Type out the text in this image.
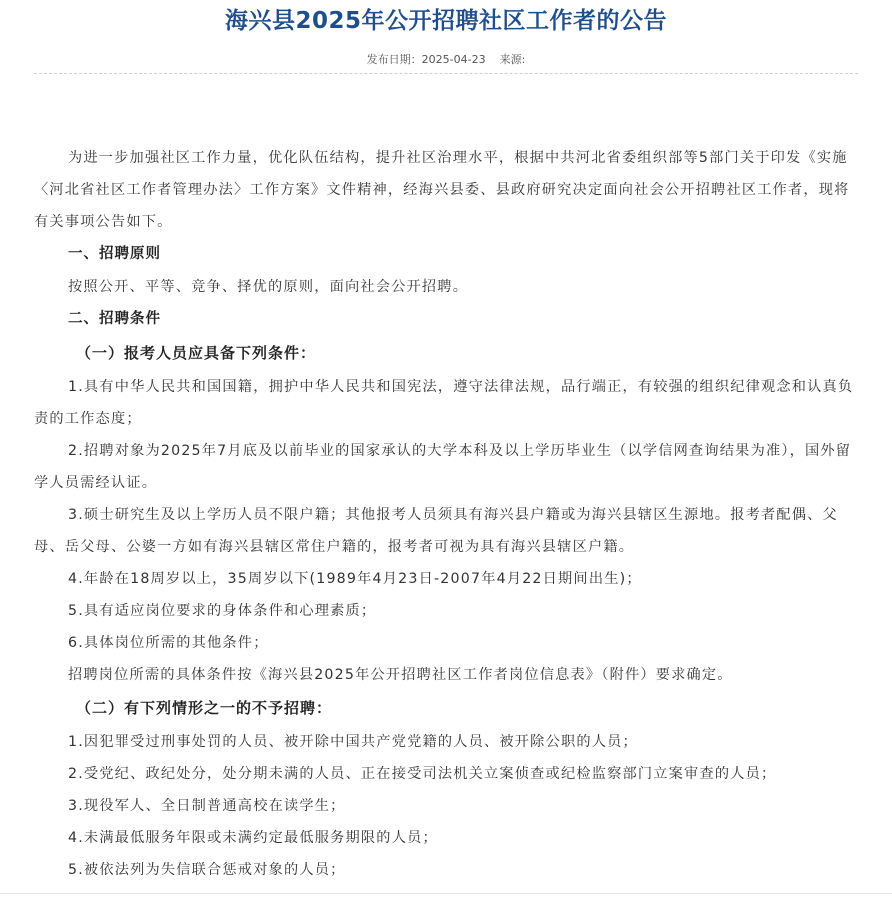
海兴县2025年公开招聘社区工作者的公告
发布日期：2025-04-23 来源:

为进一步加强社区工作力量，优化队伍结构，提升社区治理水平，根据中共河北省委组织部等5部门关于印发《实施〈河北省社区工作者管理办法〉工作方案》文件精神，经海兴县委、县政府研究决定面向社会公开招聘社区工作者，现将有关事项公告如下。

一、招聘原则

按照公开、平等、竞争、择优的原则，面向社会公开招聘。

二、招聘条件

（一）报考人员应具备下列条件：

1.具有中华人民共和国国籍，拥护中华人民共和国宪法，遵守法律法规，品行端正，有较强的组织纪律观念和认真负责的工作态度；

2.招聘对象为2025年7月底及以前毕业的国家承认的大学本科及以上学历毕业生（以学信网查询结果为准），国外留学人员需经认证。

3.硕士研究生及以上学历人员不限户籍；其他报考人员须具有海兴县户籍或为海兴县辖区生源地。报考者配偶、父母、岳父母、公婆一方如有海兴县辖区常住户籍的，报考者可视为具有海兴县辖区户籍。

4.年龄在18周岁以上，35周岁以下(1989年4月23日-2007年4月22日期间出生)；

5.具有适应岗位要求的身体条件和心理素质；

6.具体岗位所需的其他条件；

招聘岗位所需的具体条件按《海兴县2025年公开招聘社区工作者岗位信息表》（附件）要求确定。

（二）有下列情形之一的不予招聘：

1.因犯罪受过刑事处罚的人员、被开除中国共产党党籍的人员、被开除公职的人员；

2.受党纪、政纪处分，处分期未满的人员、正在接受司法机关立案侦查或纪检监察部门立案审查的人员；

3.现役军人、全日制普通高校在读学生；

4.未满最低服务年限或未满约定最低服务期限的人员；

5.被依法列为失信联合惩戒对象的人员；
